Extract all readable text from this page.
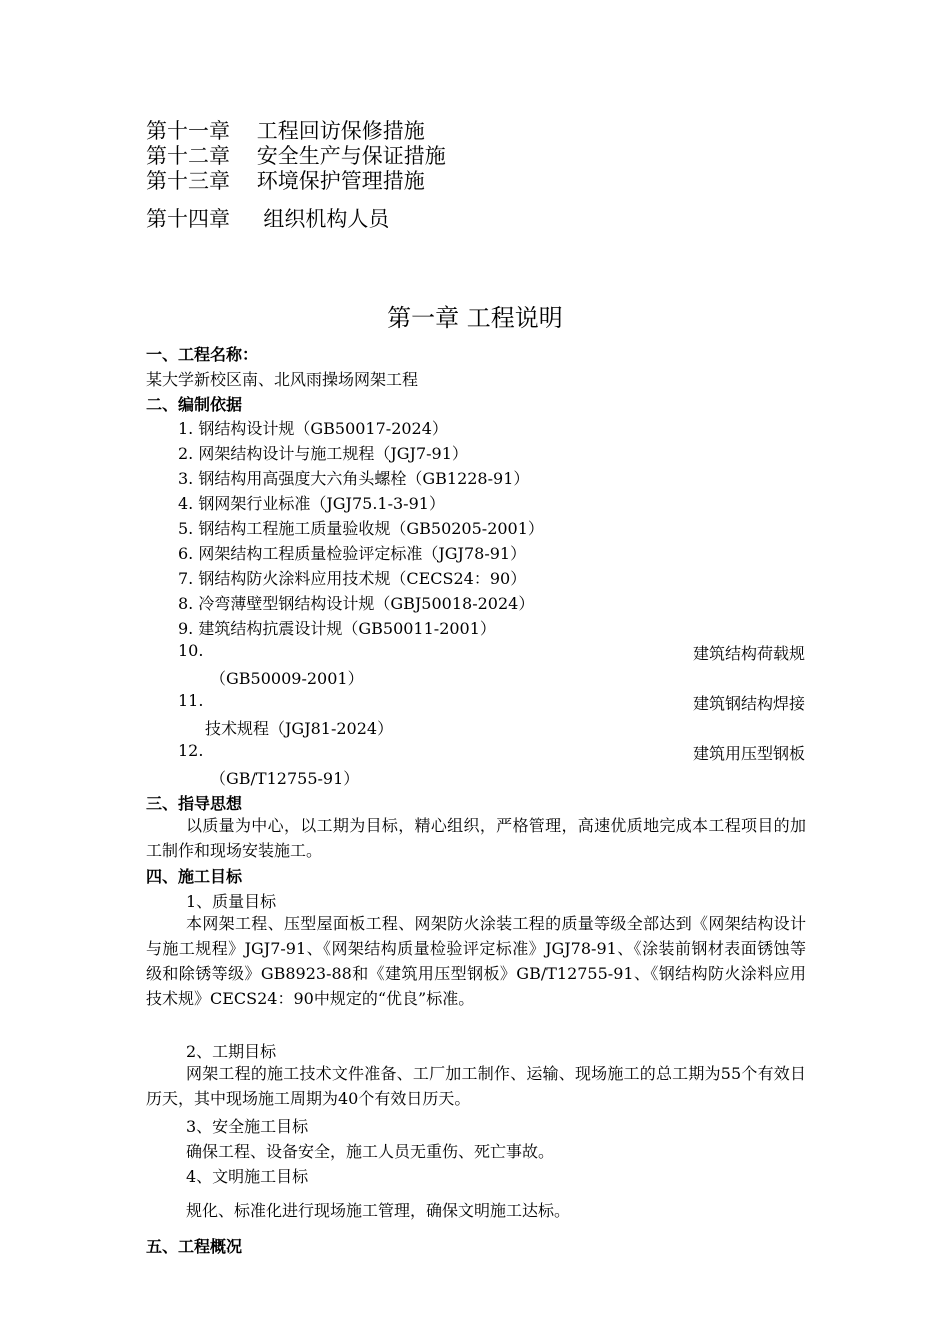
第十一章    工程回访保修措施
第十二章    安全生产与保证措施
第十三章    环境保护管理措施
第十四章     组织机构人员
第一章 工程说明
一、工程名称：
某大学新校区南、北风雨操场网架工程
二、编制依据
1. 钢结构设计规（GB50017-2024）
2. 网架结构设计与施工规程（JGJ7-91）
3. 钢结构用高强度大六角头螺栓（GB1228-91）
4. 钢网架行业标准（JGJ75.1-3-91）
5. 钢结构工程施工质量验收规（GB50205-2001）
6. 网架结构工程质量检验评定标准（JGJ78-91）
7. 钢结构防火涂料应用技术规（CECS24：90）
8. 冷弯薄壁型钢结构设计规（GBJ50018-2024）
9. 建筑结构抗震设计规（GB50011-2001）
10.	建筑结构荷载规
（GB50009-2001）
11.	建筑钢结构焊接
技术规程（JGJ81-2024）
12.	建筑用压型钢板
（GB/T12755-91）
三、指导思想
以质量为中心，以工期为目标，精心组织，严格管理，高速优质地完成本工程项目的加工制作和现场安装施工。
四、施工目标
1、质量目标
本网架工程、压型屋面板工程、网架防火涂装工程的质量等级全部达到《网架结构设计与施工规程》JGJ7-91、《网架结构质量检验评定标准》JGJ78-91、《涂装前钢材表面锈蚀等级和除锈等级》GB8923-88和《建筑用压型钢板》GB/T12755-91、《钢结构防火涂料应用技术规》CECS24：90中规定的“优良”标准。
2、工期目标
网架工程的施工技术文件准备、工厂加工制作、运输、现场施工的总工期为55个有效日历天，其中现场施工周期为40个有效日历天。
3、安全施工目标
确保工程、设备安全，施工人员无重伤、死亡事故。
4、文明施工目标
规化、标准化进行现场施工管理，确保文明施工达标。
五、工程概况
